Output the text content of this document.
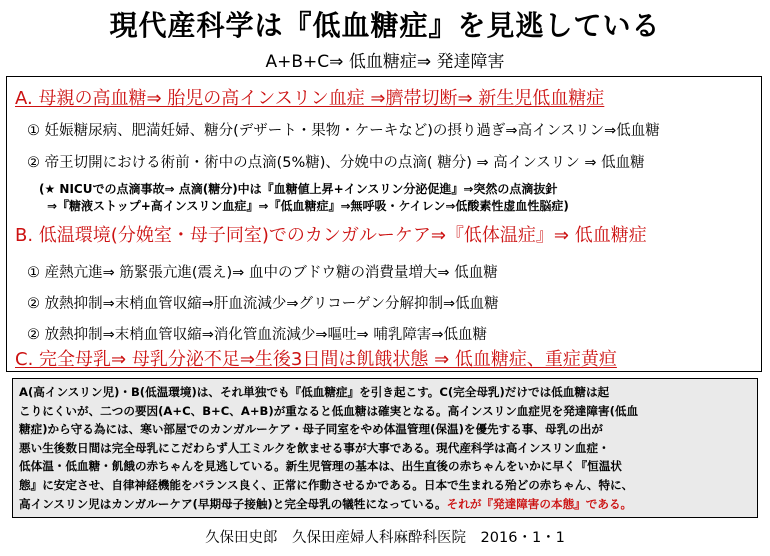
現代産科学は『低血糖症』を見逃している
A+B+C⇒ 低血糖症⇒ 発達障害
A. 母親の高血糖⇒ 胎児の高インスリン血症 ⇒臍帯切断⇒ 新生児低血糖症
① 妊娠糖尿病、肥満妊婦、糖分(デザート・果物・ケーキなど)の摂り過ぎ⇒高インスリン⇒低血糖
② 帝王切開における術前・術中の点滴(5%糖)、分娩中の点滴( 糖分) ⇒ 高インスリン ⇒ 低血糖
(★ NICUでの点滴事故⇒ 点滴(糖分)中は『血糖値上昇+インスリン分泌促進』⇒突然の点滴抜針
⇒『糖液ストップ+高インスリン血症』⇒『低血糖症』⇒無呼吸・ケイレン⇒低酸素性虚血性脳症)
B. 低温環境(分娩室・母子同室)でのカンガルーケア⇒『低体温症』⇒ 低血糖症
① 産熱亢進⇒ 筋緊張亢進(震え)⇒ 血中のブドウ糖の消費量増大⇒ 低血糖
② 放熱抑制⇒末梢血管収縮⇒肝血流減少⇒グリコーゲン分解抑制⇒低血糖
② 放熱抑制⇒末梢血管収縮⇒消化管血流減少⇒嘔吐⇒ 哺乳障害⇒低血糖
C. 完全母乳⇒ 母乳分泌不足⇒生後3日間は飢餓状態 ⇒ 低血糖症、重症黄疸

A(高インスリン児)・B(低温環境)は、それ単独でも『低血糖症』を引き起こす。C(完全母乳)だけでは低血糖は起

こりにくいが、二つの要因(A+C、B+C、A+B)が重なると低血糖は確実となる。高インスリン血症児を発達障害(低血

糖症)から守る為には、寒い部屋でのカンガルーケア・母子同室をやめ体温管理(保温)を優先する事、母乳の出が

悪い生後数日間は完全母乳にこだわらず人工ミルクを飲ませる事が大事である。現代産科学は高インスリン血症・

低体温・低血糖・飢餓の赤ちゃんを見逃している。新生児管理の基本は、出生直後の赤ちゃんをいかに早く『恒温状

態』に安定させ、自律神経機能をバランス良く、正常に作動させるかである。日本で生まれる殆どの赤ちゃん、特に、

高インスリン児はカンガルーケア(早期母子接触)と完全母乳の犠牲になっている。それが『発達障害の本態』である。

久保田史郎　久保田産婦人科麻酔科医院　2016・1・1
